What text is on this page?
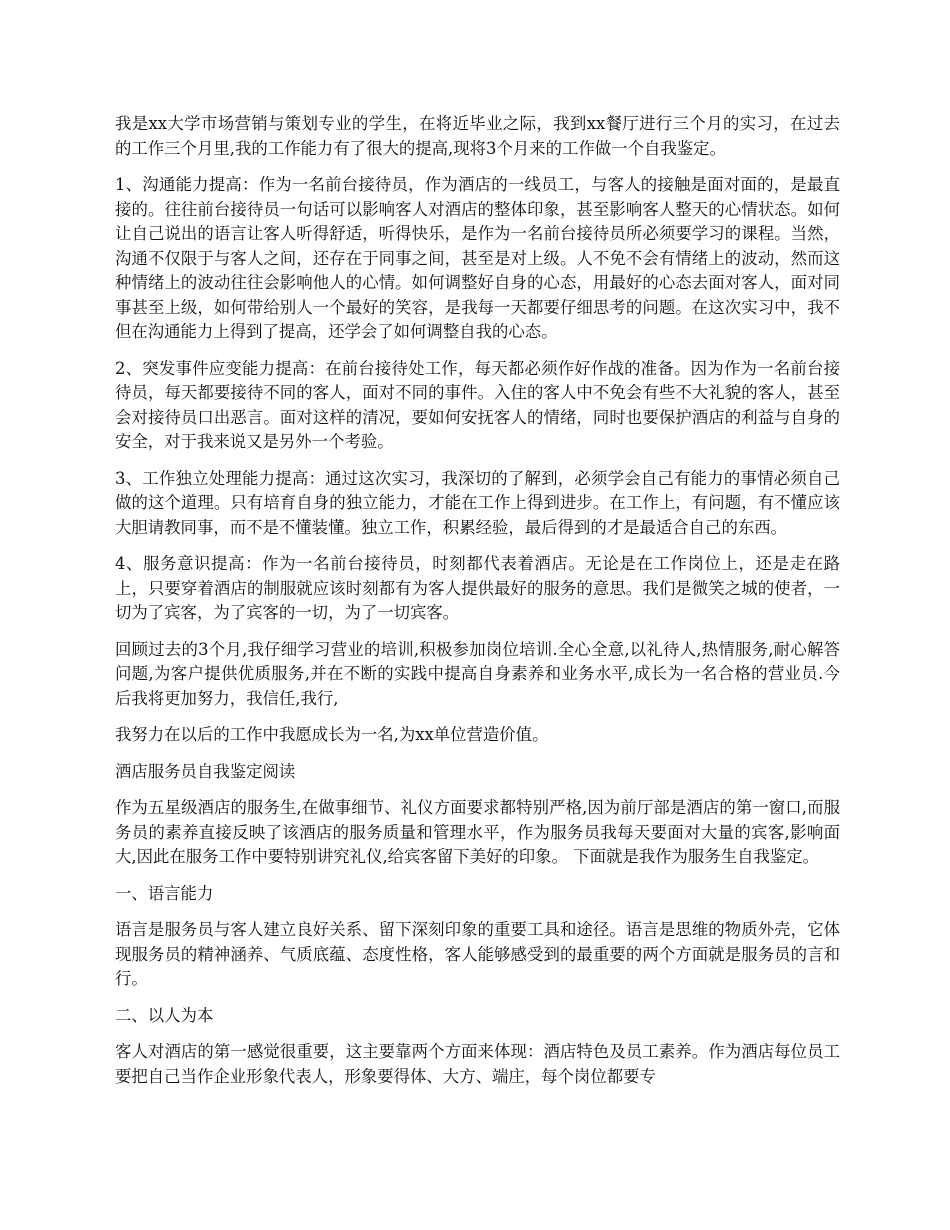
我是xx大学市场营销与策划专业的学生，在将近毕业之际，我到xx餐厅进行三个月的实习，在过去的工作三个月里,我的工作能力有了很大的提高,现将3个月来的工作做一个自我鉴定。

1、沟通能力提高：作为一名前台接待员，作为酒店的一线员工，与客人的接触是面对面的，是最直接的。往往前台接待员一句话可以影响客人对酒店的整体印象，甚至影响客人整天的心情状态。如何让自己说出的语言让客人听得舒适，听得快乐，是作为一名前台接待员所必须要学习的课程。当然，沟通不仅限于与客人之间，还存在于同事之间，甚至是对上级。人不免不会有情绪上的波动，然而这种情绪上的波动往往会影响他人的心情。如何调整好自身的心态，用最好的心态去面对客人，面对同事甚至上级，如何带给别人一个最好的笑容，是我每一天都要仔细思考的问题。在这次实习中，我不但在沟通能力上得到了提高，还学会了如何调整自我的心态。

2、突发事件应变能力提高：在前台接待处工作，每天都必须作好作战的准备。因为作为一名前台接待员，每天都要接待不同的客人，面对不同的事件。入住的客人中不免会有些不大礼貌的客人，甚至会对接待员口出恶言。面对这样的清况，要如何安抚客人的情绪，同时也要保护酒店的利益与自身的安全，对于我来说又是另外一个考验。

3、工作独立处理能力提高：通过这次实习，我深切的了解到，必须学会自己有能力的事情必须自己做的这个道理。只有培育自身的独立能力，才能在工作上得到进步。在工作上，有问题，有不懂应该大胆请教同事，而不是不懂装懂。独立工作，积累经验，最后得到的才是最适合自己的东西。

4、服务意识提高：作为一名前台接待员，时刻都代表着酒店。无论是在工作岗位上，还是走在路上，只要穿着酒店的制服就应该时刻都有为客人提供最好的服务的意思。我们是微笑之城的使者，一切为了宾客，为了宾客的一切，为了一切宾客。

回顾过去的3个月,我仔细学习营业的培训,积极参加岗位培训.全心全意,以礼待人,热情服务,耐心解答问题,为客户提供优质服务,并在不断的实践中提高自身素养和业务水平,成长为一名合格的营业员.今后我将更加努力，我信任,我行,

我努力在以后的工作中我愿成长为一名,为xx单位营造价值。

酒店服务员自我鉴定阅读

作为五星级酒店的服务生,在做事细节、礼仪方面要求都特别严格,因为前厅部是酒店的第一窗口,而服务员的素养直接反映了该酒店的服务质量和管理水平，作为服务员我每天要面对大量的宾客,影响面大,因此在服务工作中要特别讲究礼仪,给宾客留下美好的印象。 下面就是我作为服务生自我鉴定。

一、语言能力

语言是服务员与客人建立良好关系、留下深刻印象的重要工具和途径。语言是思维的物质外壳，它体现服务员的精神涵养、气质底蕴、态度性格，客人能够感受到的最重要的两个方面就是服务员的言和行。

二、以人为本

客人对酒店的第一感觉很重要，这主要靠两个方面来体现：酒店特色及员工素养。作为酒店每位员工要把自己当作企业形象代表人，形象要得体、大方、端庄，每个岗位都要专
